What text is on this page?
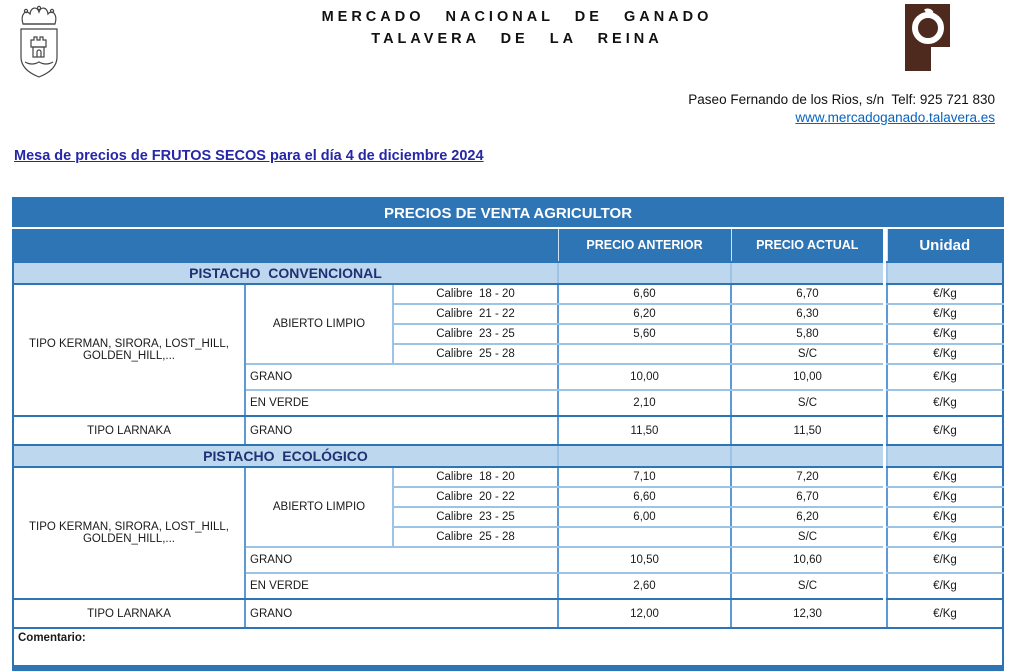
MERCADO NACIONAL DE GANADO
TALAVERA DE LA REINA
Paseo Fernando de los Rios, s/n  Telf: 925 721 830
www.mercadoganado.talavera.es
Mesa de precios de FRUTOS SECOS para el día 4 de diciembre 2024
PRECIOS DE VENTA AGRICULTOR						
			PRECIO ANTERIOR	PRECIO ACTUAL		Unidad
PISTACHO  CONVENCIONAL						
TIPO KERMAN, SIRORA, LOST_HILL, GOLDEN_HILL,...	ABIERTO LIMPIO	Calibre  18 - 20	6,60	6,70		€/Kg
		Calibre  21 - 22	6,20	6,30		€/Kg
		Calibre  23 - 25	5,60	5,80		€/Kg
		Calibre  25 - 28		S/C		€/Kg
	GRANO		10,00	10,00		€/Kg
	EN VERDE		2,10	S/C		€/Kg
TIPO LARNAKA	GRANO		11,50	11,50		€/Kg
PISTACHO  ECOLÓGICO						
TIPO KERMAN, SIRORA, LOST_HILL, GOLDEN_HILL,...	ABIERTO LIMPIO	Calibre  18 - 20	7,10	7,20		€/Kg
		Calibre  20 - 22	6,60	6,70		€/Kg
		Calibre  23 - 25	6,00	6,20		€/Kg
		Calibre  25 - 28		S/C		€/Kg
	GRANO		10,50	10,60		€/Kg
	EN VERDE		2,60	S/C		€/Kg
TIPO LARNAKA	GRANO		12,00	12,30		€/Kg
Comentario:						
